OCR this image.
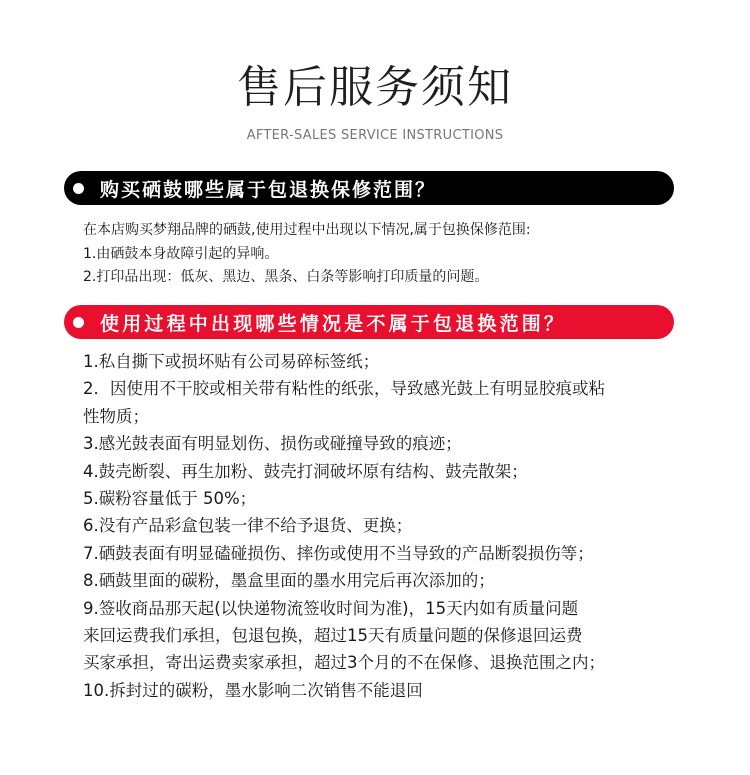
售后服务须知
AFTER-SALES SERVICE INSTRUCTIONS
购买硒鼓哪些属于包退换保修范围？
在本店购买梦翔品牌的硒鼓,使用过程中出现以下情况,属于包换保修范围:
1.由硒鼓本身故障引起的异响。
2.打印品出现：低灰、黑边、黑条、白条等影响打印质量的问题。
使用过程中出现哪些情况是不属于包退换范围？
1.私自撕下或损坏贴有公司易碎标签纸；
2．因使用不干胶或相关带有粘性的纸张，导致感光鼓上有明显胶痕或粘
性物质；
3.感光鼓表面有明显划伤、损伤或碰撞导致的痕迹；
4.鼓壳断裂、再生加粉、鼓壳打洞破坏原有结构、鼓壳散架；
5.碳粉容量低于 50%；
6.没有产品彩盒包装一律不给予退货、更换；
7.硒鼓表面有明显磕碰损伤、摔伤或使用不当导致的产品断裂损伤等；
8.硒鼓里面的碳粉，墨盒里面的墨水用完后再次添加的；
9.签收商品那天起(以快递物流签收时间为准)，15天内如有质量问题
来回运费我们承担，包退包换，超过15天有质量问题的保修退回运费
买家承担，寄出运费卖家承担，超过3个月的不在保修、退换范围之内；
10.拆封过的碳粉，墨水影响二次销售不能退回
